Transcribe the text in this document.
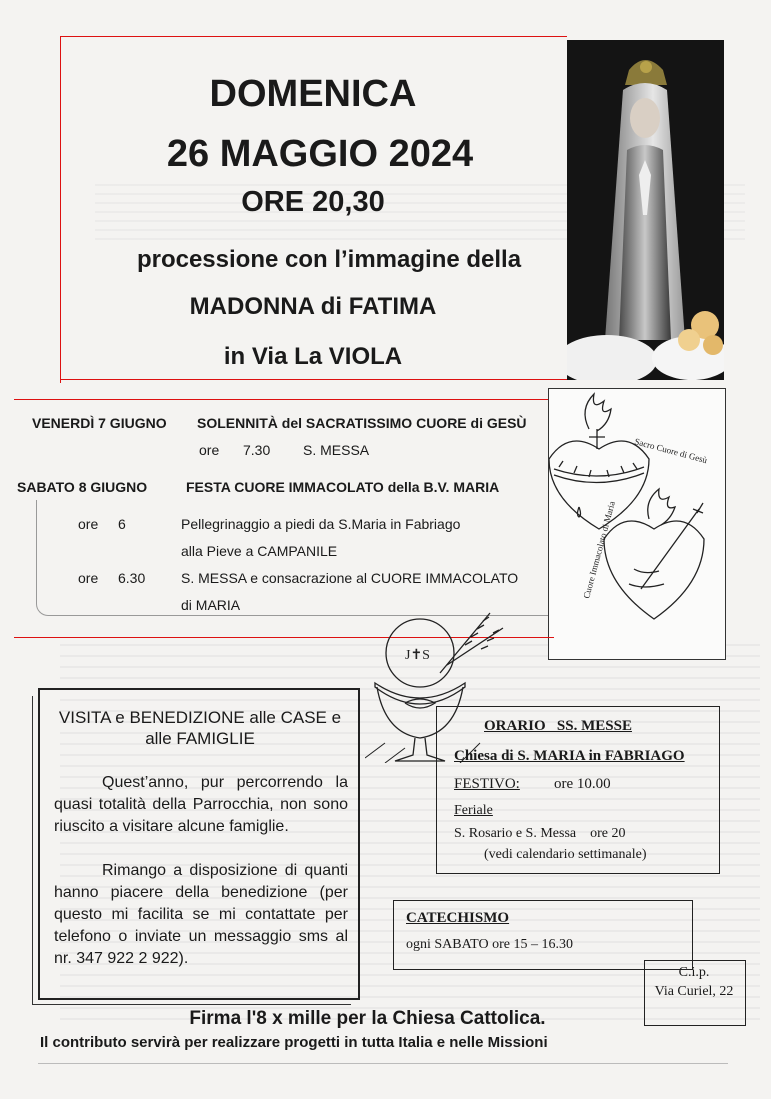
DOMENICA
26 MAGGIO 2024
ORE 20,30
processione con l’immagine della
MADONNA di FATIMA
in Via La VIOLA
VENERDÌ 7 GIUGNO SOLENNITÀ del SACRATISSIMO CUORE di GESÙ
ore 7.30 S. MESSA
SABATO 8 GIUGNO	FESTA CUORE IMMACOLATO della B.V. MARIA
ore 6	Pellegrinaggio a piedi da S.Maria in Fabriago
alla Pieve a CAMPANILE
ore 6.30	S. MESSA e consacrazione al CUORE IMMACOLATO
di MARIA
Sacro Cuore di Gesù
Cuore Immacolato di Maria
VISITA e BENEDIZIONE alle CASE e alle FAMIGLIE
Quest’anno, pur percorrendo la quasi totalità della Parrocchia, non sono riuscito a visitare alcune famiglie.
Rimango a disposizione di quanti hanno piacere della benedizione (per questo mi facilita se mi contattate per telefono o inviate un messaggio sms al nr. 347 922 2 922).
J✝S
ORARIO   SS. MESSE
Chiesa di S. MARIA in FABRIAGO
FESTIVO: ore 10.00
Feriale
S. Rosario e S. Messa    ore 20
(vedi calendario settimanale)
CATECHISMO
ogni SABATO ore 15 – 16.30
C.i.p.
Via Curiel, 22
Firma l'8 x mille per la Chiesa Cattolica.
Il contributo servirà per realizzare progetti in tutta Italia e nelle Missioni
